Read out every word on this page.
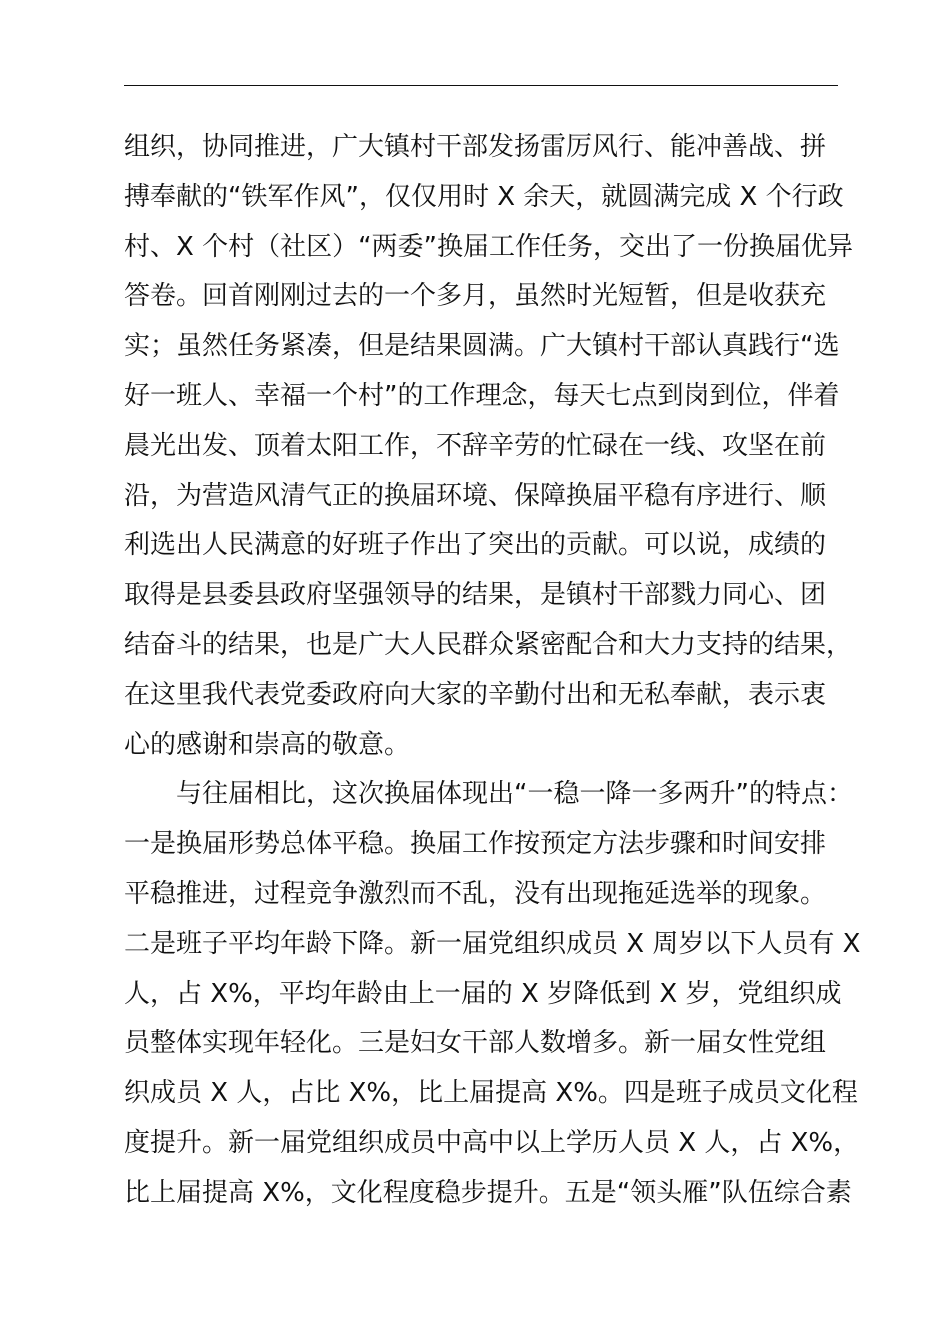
组织，协同推进，广大镇村干部发扬雷厉风行、能冲善战、拼
搏奉献的“铁军作风”，仅仅用时 X 余天，就圆满完成 X 个行政
村、X 个村（社区）“两委”换届工作任务，交出了一份换届优异
答卷。回首刚刚过去的一个多月，虽然时光短暂，但是收获充
实；虽然任务紧凑，但是结果圆满。广大镇村干部认真践行“选
好一班人、幸福一个村”的工作理念，每天七点到岗到位，伴着
晨光出发、顶着太阳工作，不辞辛劳的忙碌在一线、攻坚在前
沿，为营造风清气正的换届环境、保障换届平稳有序进行、顺
利选出人民满意的好班子作出了突出的贡献。可以说，成绩的
取得是县委县政府坚强领导的结果，是镇村干部戮力同心、团
结奋斗的结果，也是广大人民群众紧密配合和大力支持的结果，
在这里我代表党委政府向大家的辛勤付出和无私奉献，表示衷
心的感谢和崇高的敬意。
与往届相比，这次换届体现出“一稳一降一多两升”的特点：
一是换届形势总体平稳。换届工作按预定方法步骤和时间安排
平稳推进，过程竞争激烈而不乱，没有出现拖延选举的现象。
二是班子平均年龄下降。新一届党组织成员 X 周岁以下人员有 X
人，占 X%，平均年龄由上一届的 X 岁降低到 X 岁，党组织成
员整体实现年轻化。三是妇女干部人数增多。新一届女性党组
织成员 X 人，占比 X%，比上届提高 X%。四是班子成员文化程
度提升。新一届党组织成员中高中以上学历人员 X 人，占 X%，
比上届提高 X%，文化程度稳步提升。五是“领头雁”队伍综合素
